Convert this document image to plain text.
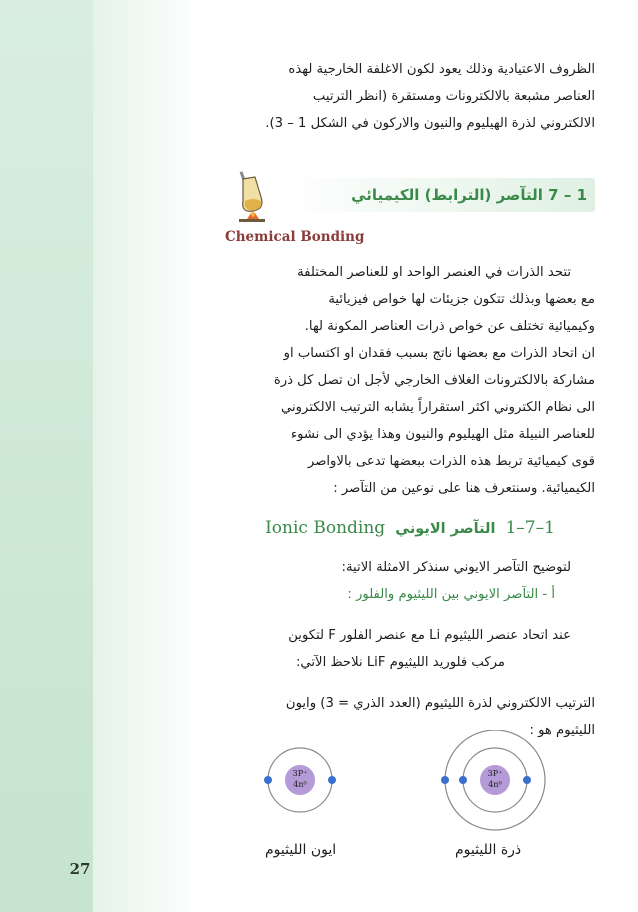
27

الظروف الاعتيادية وذلك يعود لكون الاغلفة الخارجية لهذه

العناصر مشبعة بالالكترونات ومستقرة (انظر الترتيب

الالكتروني لذرة الهيليوم والنيون والاركون في الشكل 1 – 3).

1 – 7 التآصر (الترابط) الكيميائي
Chemical Bonding

تتحد الذرات في العنصر الواحد او للعناصر المختلفة

مع بعضها وبذلك تتكون جزيئات لها خواص فيزيائية

وكيميائية تختلف عن خواص ذرات العناصر المكونة لها.

ان اتحاد الذرات مع بعضها ناتج بسبب فقدان او اكتساب او

مشاركة بالالكترونات الغلاف الخارجي لأجل ان تصل كل ذرة

الى نظام الكتروني اكثر استقراراً يشابه الترتيب الالكتروني

للعناصر النبيلة مثل الهيليوم والنيون وهذا يؤدي الى نشوء

قوى كيميائية تربط هذه الذرات ببعضها تدعى بالاواصر

الكيميائية. وسنتعرف هنا على نوعين من التآصر :

1–7–1
التآصر الايوني
Ionic Bonding

لتوضيح التآصر الايوني سنذكر الامثلة الاتية:

أ - التآصر الايوني بين الليثيوم والفلور :

عند اتحاد عنصر الليثيوم Li مع عنصر الفلور F لتكوين

مركب فلوريد الليثيوم LiF نلاحظ الآتي:

الترتيب الالكتروني لذرة الليثيوم (العدد الذري = 3) وايون

الليثيوم هو :

3P⁺
4n⁰
3P⁺
4n⁰
ايون الليثيوم	ذرة الليثيوم
